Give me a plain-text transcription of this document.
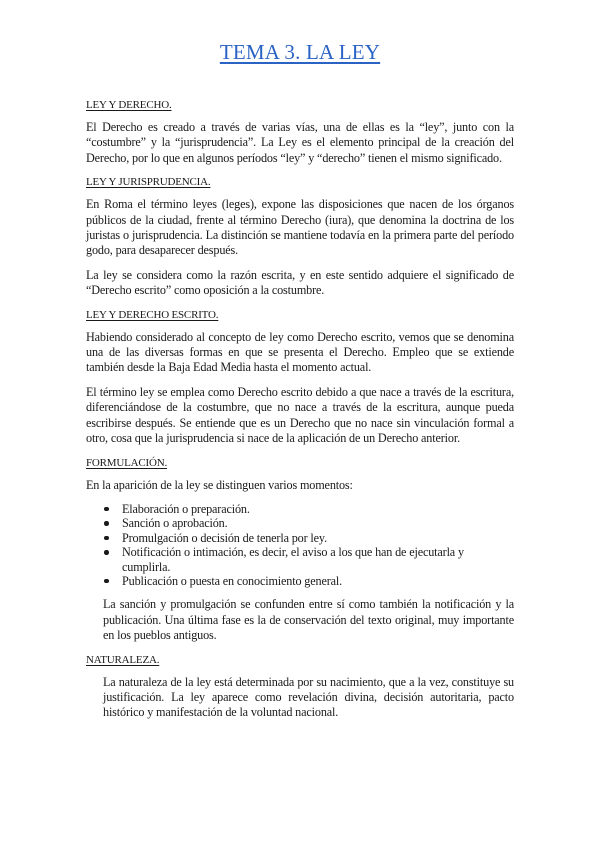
TEMA 3. LA LEY
LEY Y DERECHO.

El Derecho es creado a través de varias vías, una de ellas es la “ley”, junto con la “costumbre” y la “jurisprudencia”. La Ley es el elemento principal de la creación del Derecho, por lo que en algunos períodos “ley” y “derecho” tienen el mismo significado.

LEY Y JURISPRUDENCIA.

En Roma el término leyes (leges), expone las disposiciones que nacen de los órganos públicos de la ciudad, frente al término Derecho (iura), que denomina la doctrina de los juristas o jurisprudencia. La distinción se mantiene todavía en la primera parte del período godo, para desaparecer después.

La ley se considera como la razón escrita, y en este sentido adquiere el significado de “Derecho escrito” como oposición a la costumbre.

LEY Y DERECHO ESCRITO.

Habiendo considerado al concepto de ley como Derecho escrito, vemos que se denomina una de las diversas formas en que se presenta el Derecho. Empleo que se extiende también desde la Baja Edad Media hasta el momento actual.

El término ley se emplea como Derecho escrito debido a que nace a través de la escritura, diferenciándose de la costumbre, que no nace a través de la escritura, aunque pueda escribirse después. Se entiende que es un Derecho que no nace sin vinculación formal a otro, cosa que la jurisprudencia si nace de la aplicación de un Derecho anterior.

FORMULACIÓN.

En la aparición de la ley se distinguen varios momentos:

Elaboración o preparación.
Sanción o aprobación.
Promulgación o decisión de tenerla por ley.
Notificación o intimación, es decir, el aviso a los que han de ejecutarla y cumplirla.
Publicación o puesta en conocimiento general.

La sanción y promulgación se confunden entre sí como también la notificación y la publicación. Una última fase es la de conservación del texto original, muy importante en los pueblos antiguos.

NATURALEZA.

La naturaleza de la ley está determinada por su nacimiento, que a la vez, constituye su justificación. La ley aparece como revelación divina, decisión autoritaria, pacto histórico y manifestación de la voluntad nacional.
